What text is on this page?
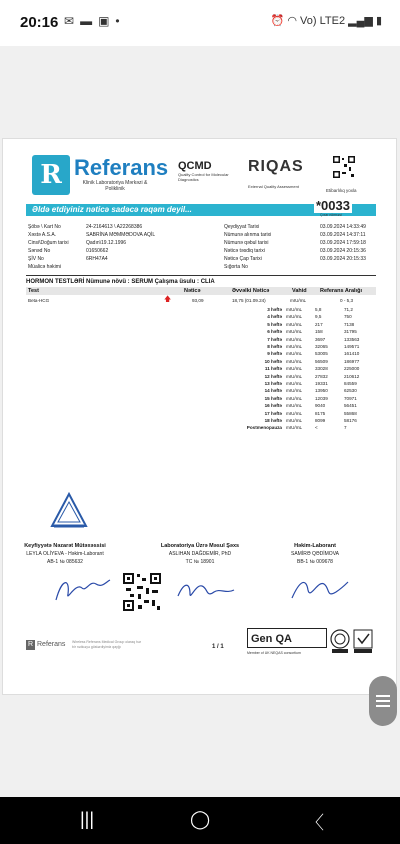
20:16 ✉▬▣•	⏰ ◠ Vo) LTE2 ▂▄▆ ▮
R Referans
Klinik Laboratoriya Mərkəzi & Poliklinik
QCMD
Quality Control for Molecular Diagnostics
RIQAS
External Quality Assessment
Etibarlılıq yoxla
Əldə etdiyiniz nəticə sadəcə rəqəm deyil...	*0033
Çıxar nömrəsi
Şöbə \ Kart No	24-2164613 \ A22268386
Xəstə A.S.A.	SABRİNA MƏMMƏDOVA AQİL
Cinsi\Doğum tarixi	Qadın\19.12.1996
Sənəd No	01650662
ŞİV No	6RH47A4
Müalicə həkimi
Qeydiyyat Tarixi	03.09.2024 14:33:49
Nümunə alınma tarixi	03.09.2024 14:37:11
Nümunə qəbul tarixi	03.09.2024 17:59:18
Nəticə təsdiq tarixi	03.09.2024 20:15:36
Nəticə Çap Tarixi	03.09.2024 20:15:33
Sığorta No
HORMON TESTLƏRİ Nümunə növü : SERUM Çalışma üsulu : CLIA
Test	Nəticə	Əvvəlki Nəticə	Vahid Referans Aralığı
Beta-HCG	🡅	93,09	18,75 (01.09.24)	mIU/mL	0 - 5,3
3 həftə mIU/mL	5,8	71,2
4 həftə mIU/mL	9,5	750
5 həftə mIU/mL	217	7138
6 həftə mIU/mL	158	31795
7 həftə mIU/mL	3697	133563
8 həftə mIU/mL	32065	149571
9 həftə mIU/mL	53005	161410
10 həftə mIU/mL	56509	186977
11 həftə mIU/mL	33028	225000
12 həftə mIU/mL	27832	210612
13 həftə mIU/mL	19331	84559
14 həftə mIU/mL	13950	62530
15 həftə mIU/mL	12039	70971
16 həftə mIU/mL	9040	56451
17 həftə mIU/mL	8175	55868
18 həftə mIU/mL	8099	58176
Postmenopauza mIU/mL	<	7
Keyfiyyətə Nəzarət Mütəxəssisi
LEYLA OLİYEVA - Həkim-Laborant
AB-1 № 085632
Laboratoriya Üzrə Məsul Şəxs
ASLIHAN DAĞDEMİR, PhD
TC № 18901
Həkim-Laborant
SAMİRƏ QƏDİMOVA
BB-1 № 009678
R Referans Wireless Referans Medical Group olaraq hər bir nəticəyə göstərdiyimiz qayğı	1 / 1
Gen QA
Member of UK NEQAS consortium
|||	◯	〈
